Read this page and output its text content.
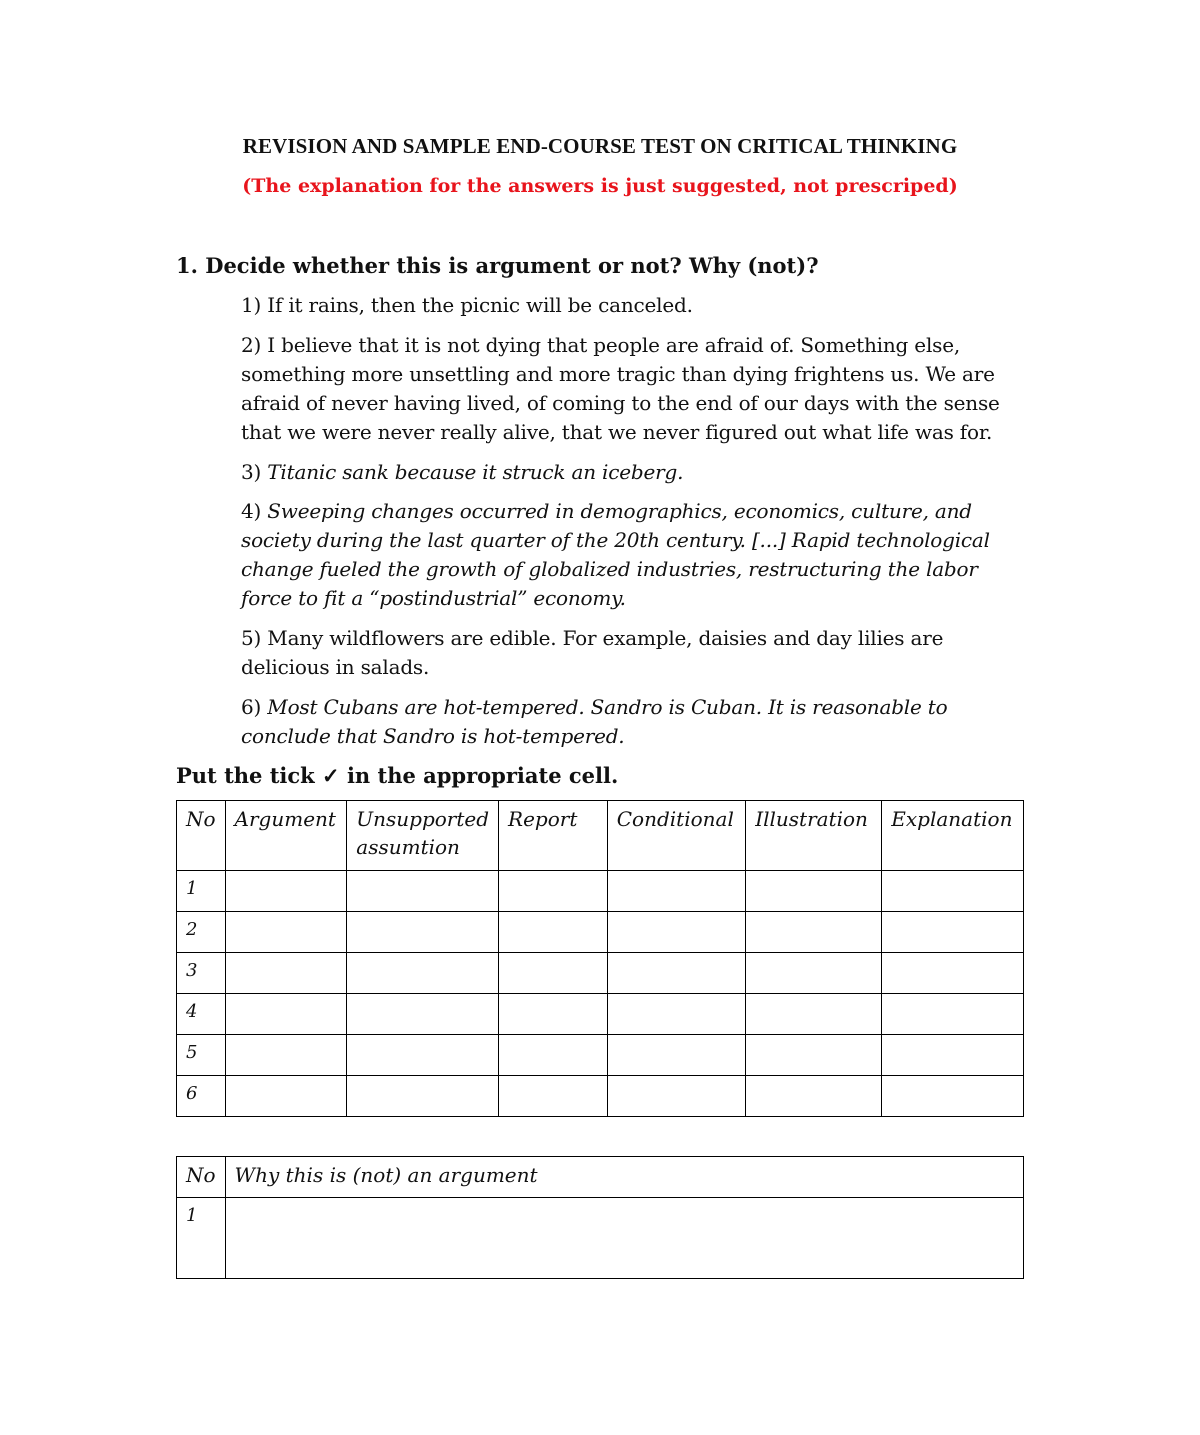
REVISION AND SAMPLE END-COURSE TEST ON CRITICAL THINKING
(The explanation for the answers is just suggested, not prescriped)
1. Decide whether this is argument or not? Why (not)?
1) If it rains, then the picnic will be canceled.
2) I believe that it is not dying that people are afraid of. Something else, something more unsettling and more tragic than dying frightens us. We are afraid of never having lived, of coming to the end of our days with the sense that we were never really alive, that we never figured out what life was for.
3) Titanic sank because it struck an iceberg.
4) Sweeping changes occurred in demographics, economics, culture, and society during the last quarter of the 20th century. [...] Rapid technological change fueled the growth of globalized industries, restructuring the labor force to fit a “postindustrial” economy.
5) Many wildflowers are edible. For example, daisies and day lilies are delicious in salads.
6) Most Cubans are hot-tempered. Sandro is Cuban. It is reasonable to conclude that Sandro is hot-tempered.
Put the tick ✓ in the appropriate cell.
No	Argument	Unsupported assumtion	Report	Conditional	Illustration	Explanation
1						
2						
3						
4						
5						
6						
No	Why this is (not) an argument
1	
